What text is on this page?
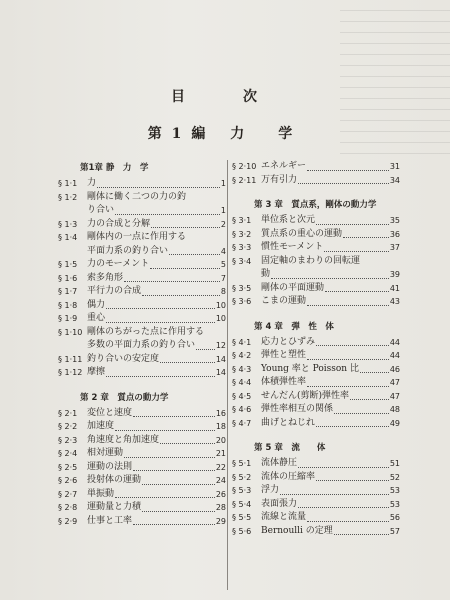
目　次
第1編 力　学
第1章 静　力　学
§ 1·1	力	1
§ 1·2	剛体に働く二つの力の釣
り合い	1
§ 1·3	力の合成と分解	2
§ 1·4	剛体内の一点に作用する
平面力系の釣り合い	4
§ 1·5	力のモーメント	5
§ 1·6	索多角形	7
§ 1·7	平行力の合成	8
§ 1·8	偶力	10
§ 1·9	重心	10
§ 1·10 剛体のちがった点に作用する
多数の平面力系の釣り合い	12
§ 1·11 釣り合いの安定度	14
§ 1·12 摩擦	14
第 2 章　質点の動力学
§ 2·1	変位と速度	16
§ 2·2	加速度	18
§ 2·3	角速度と角加速度	20
§ 2·4	相対運動	21
§ 2·5	運動の法則	22
§ 2·6	投射体の運動	24
§ 2·7	単振動	26
§ 2·8	運動量と力積	28
§ 2·9	仕事と工率	29
§ 2·10 エネルギー	31
§ 2·11 万有引力	34
第 3 章　質点系，剛体の動力学
§ 3·1	単位系と次元	35
§ 3·2	質点系の重心の運動	36
§ 3·3	慣性モーメント	37
§ 3·4	固定軸のまわりの回転運
動	39
§ 3·5	剛体の平面運動	41
§ 3·6	こまの運動	43
第 4 章　弾　性　体
§ 4·1	応力とひずみ	44
§ 4·2	弾性と塑性	44
§ 4·3	Young 率と Poisson 比	46
§ 4·4	体積弾性率	47
§ 4·5	せんだん(剪断)弾性率	47
§ 4·6	弾性率相互の関係	48
§ 4·7	曲げとねじれ	49
第 5 章　流　　体
§ 5·1	流体静圧	51
§ 5·2	流体の圧縮率	52
§ 5·3	浮力	53
§ 5·4	表面張力	53
§ 5·5	流線と流量	56
§ 5·6	Bernoulli の定理	57
